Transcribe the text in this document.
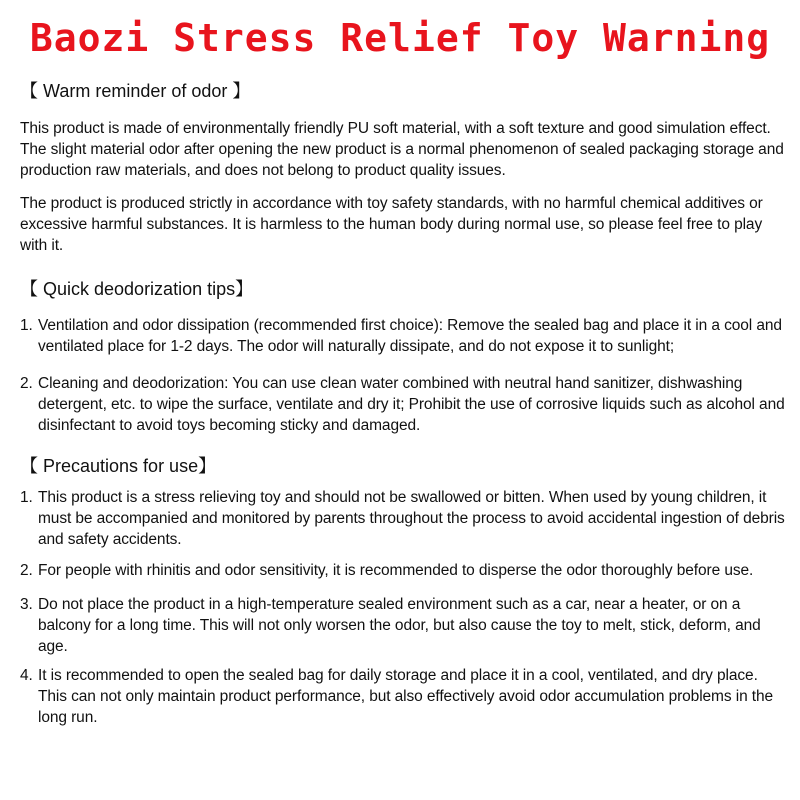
Baozi Stress Relief Toy Warning
【 Warm reminder of odor 】

This product is made of environmentally friendly PU soft material, with a soft texture and good simulation effect. The slight material odor after opening the new product is a normal phenomenon of sealed packaging storage and production raw materials, and does not belong to product quality issues.

The product is produced strictly in accordance with toy safety standards, with no harmful chemical additives or excessive harmful substances. It is harmless to the human body during normal use, so please feel free to play with it.

【 Quick deodorization tips】
1. Ventilation and odor dissipation (recommended first choice): Remove the sealed bag and place it in a cool and ventilated place for 1-2 days. The odor will naturally dissipate, and do not expose it to sunlight;
2. Cleaning and deodorization: You can use clean water combined with neutral hand sanitizer, dishwashing detergent, etc. to wipe the surface, ventilate and dry it; Prohibit the use of corrosive liquids such as alcohol and disinfectant to avoid toys becoming sticky and damaged.
【 Precautions for use】
1. This product is a stress relieving toy and should not be swallowed or bitten. When used by young children, it must be accompanied and monitored by parents throughout the process to avoid accidental ingestion of debris and safety accidents.
2. For people with rhinitis and odor sensitivity, it is recommended to disperse the odor thoroughly before use.
3. Do not place the product in a high-temperature sealed environment such as a car, near a heater, or on a balcony for a long time. This will not only worsen the odor, but also cause the toy to melt, stick, deform, and age.
4. It is recommended to open the sealed bag for daily storage and place it in a cool, ventilated, and dry place. This can not only maintain product performance, but also effectively avoid odor accumulation problems in the long run.
